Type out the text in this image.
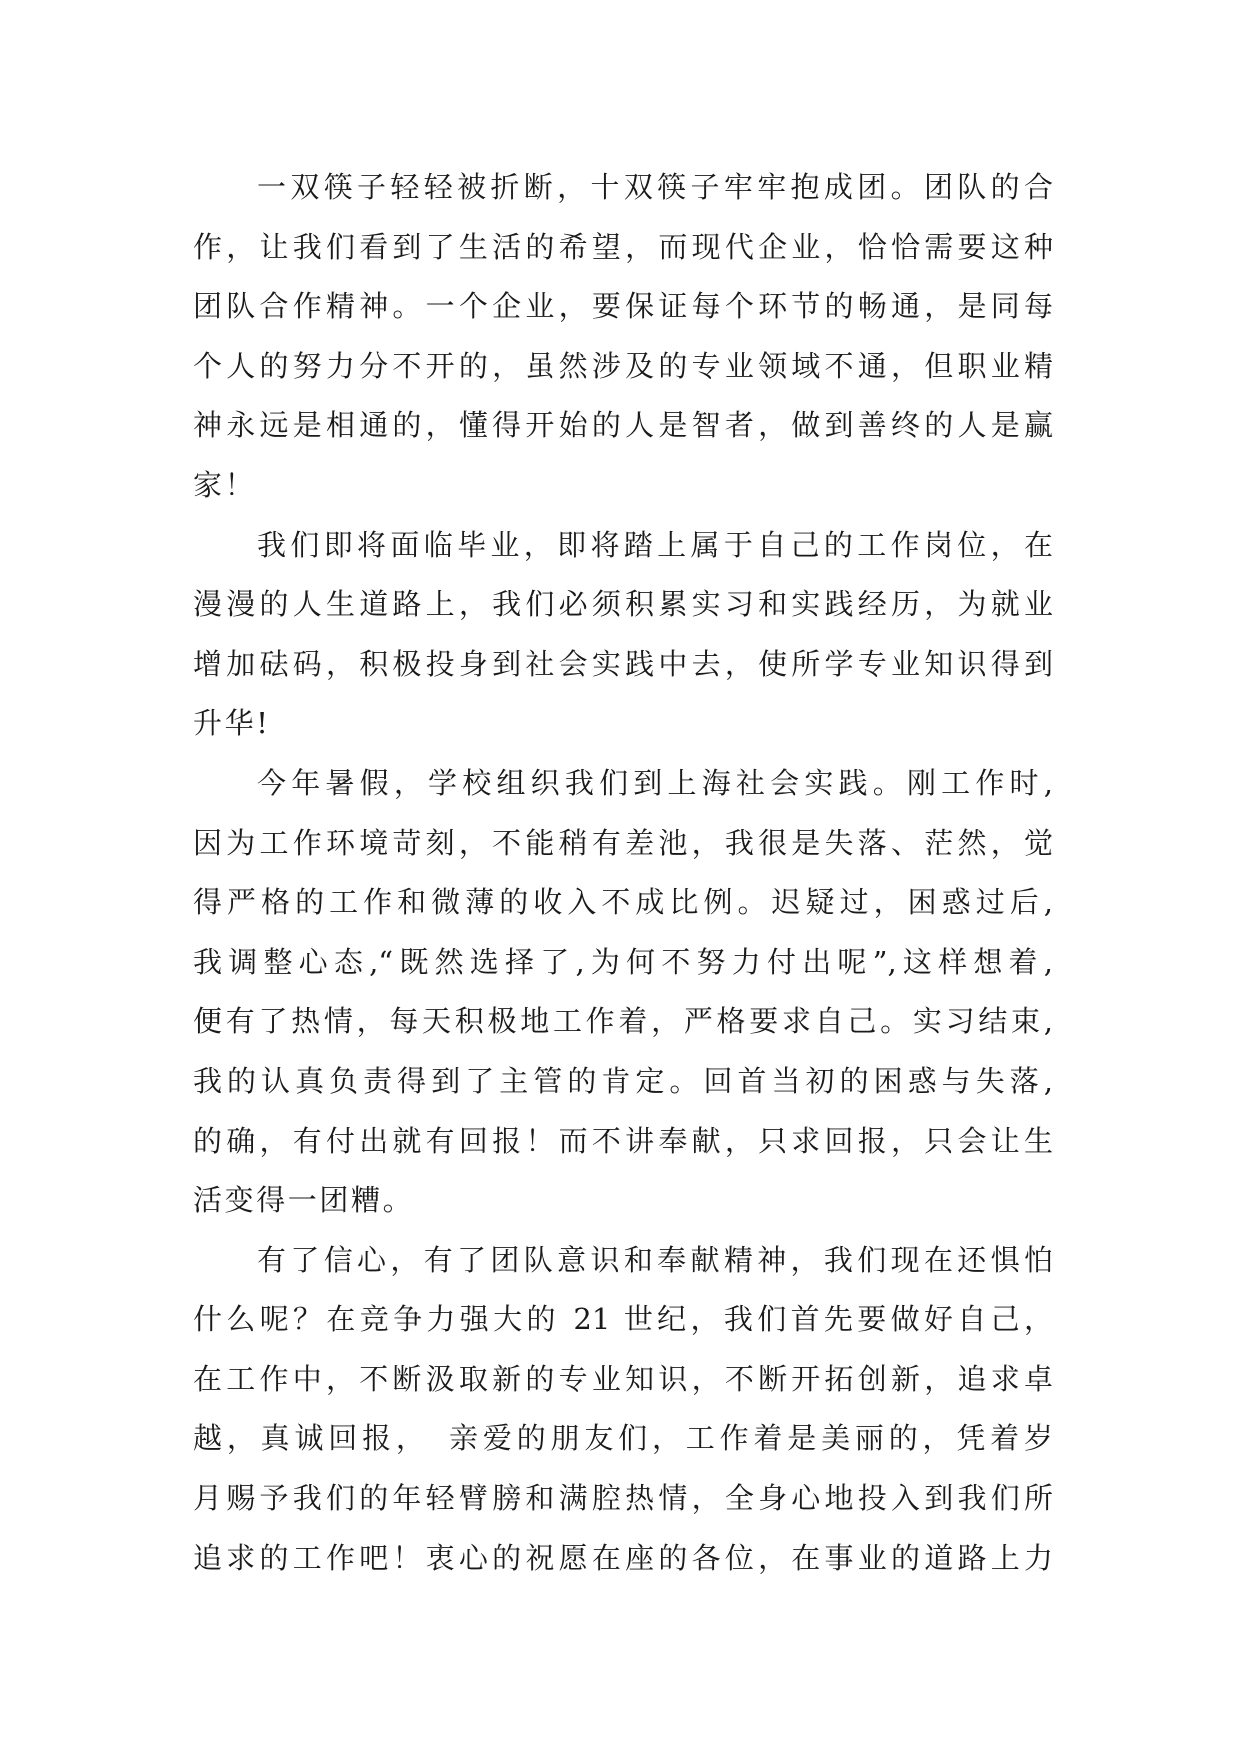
一双筷子轻轻被折断，十双筷子牢牢抱成团。团队的合
作，让我们看到了生活的希望，而现代企业，恰恰需要这种
团队合作精神。一个企业，要保证每个环节的畅通，是同每
个人的努力分不开的，虽然涉及的专业领域不通，但职业精
神永远是相通的，懂得开始的人是智者，做到善终的人是赢
家！
我们即将面临毕业，即将踏上属于自己的工作岗位，在
漫漫的人生道路上，我们必须积累实习和实践经历，为就业
增加砝码，积极投身到社会实践中去，使所学专业知识得到
升华!
今年暑假，学校组织我们到上海社会实践。刚工作时,
因为工作环境苛刻，不能稍有差池，我很是失落、茫然，觉
得严格的工作和微薄的收入不成比例。迟疑过，困惑过后,
我调整心态,“既然选择了,为何不努力付出呢”,这样想着,
便有了热情，每天积极地工作着，严格要求自己。实习结束,
我的认真负责得到了主管的肯定。回首当初的困惑与失落,
的确，有付出就有回报！而不讲奉献，只求回报，只会让生
活变得一团糟。
有了信心，有了团队意识和奉献精神，我们现在还惧怕
什么呢？在竞争力强大的 21 世纪，我们首先要做好自己，
在工作中，不断汲取新的专业知识，不断开拓创新，追求卓
越，真诚回报，　亲爱的朋友们，工作着是美丽的，凭着岁
月赐予我们的年轻臂膀和满腔热情，全身心地投入到我们所
追求的工作吧！衷心的祝愿在座的各位，在事业的道路上力
